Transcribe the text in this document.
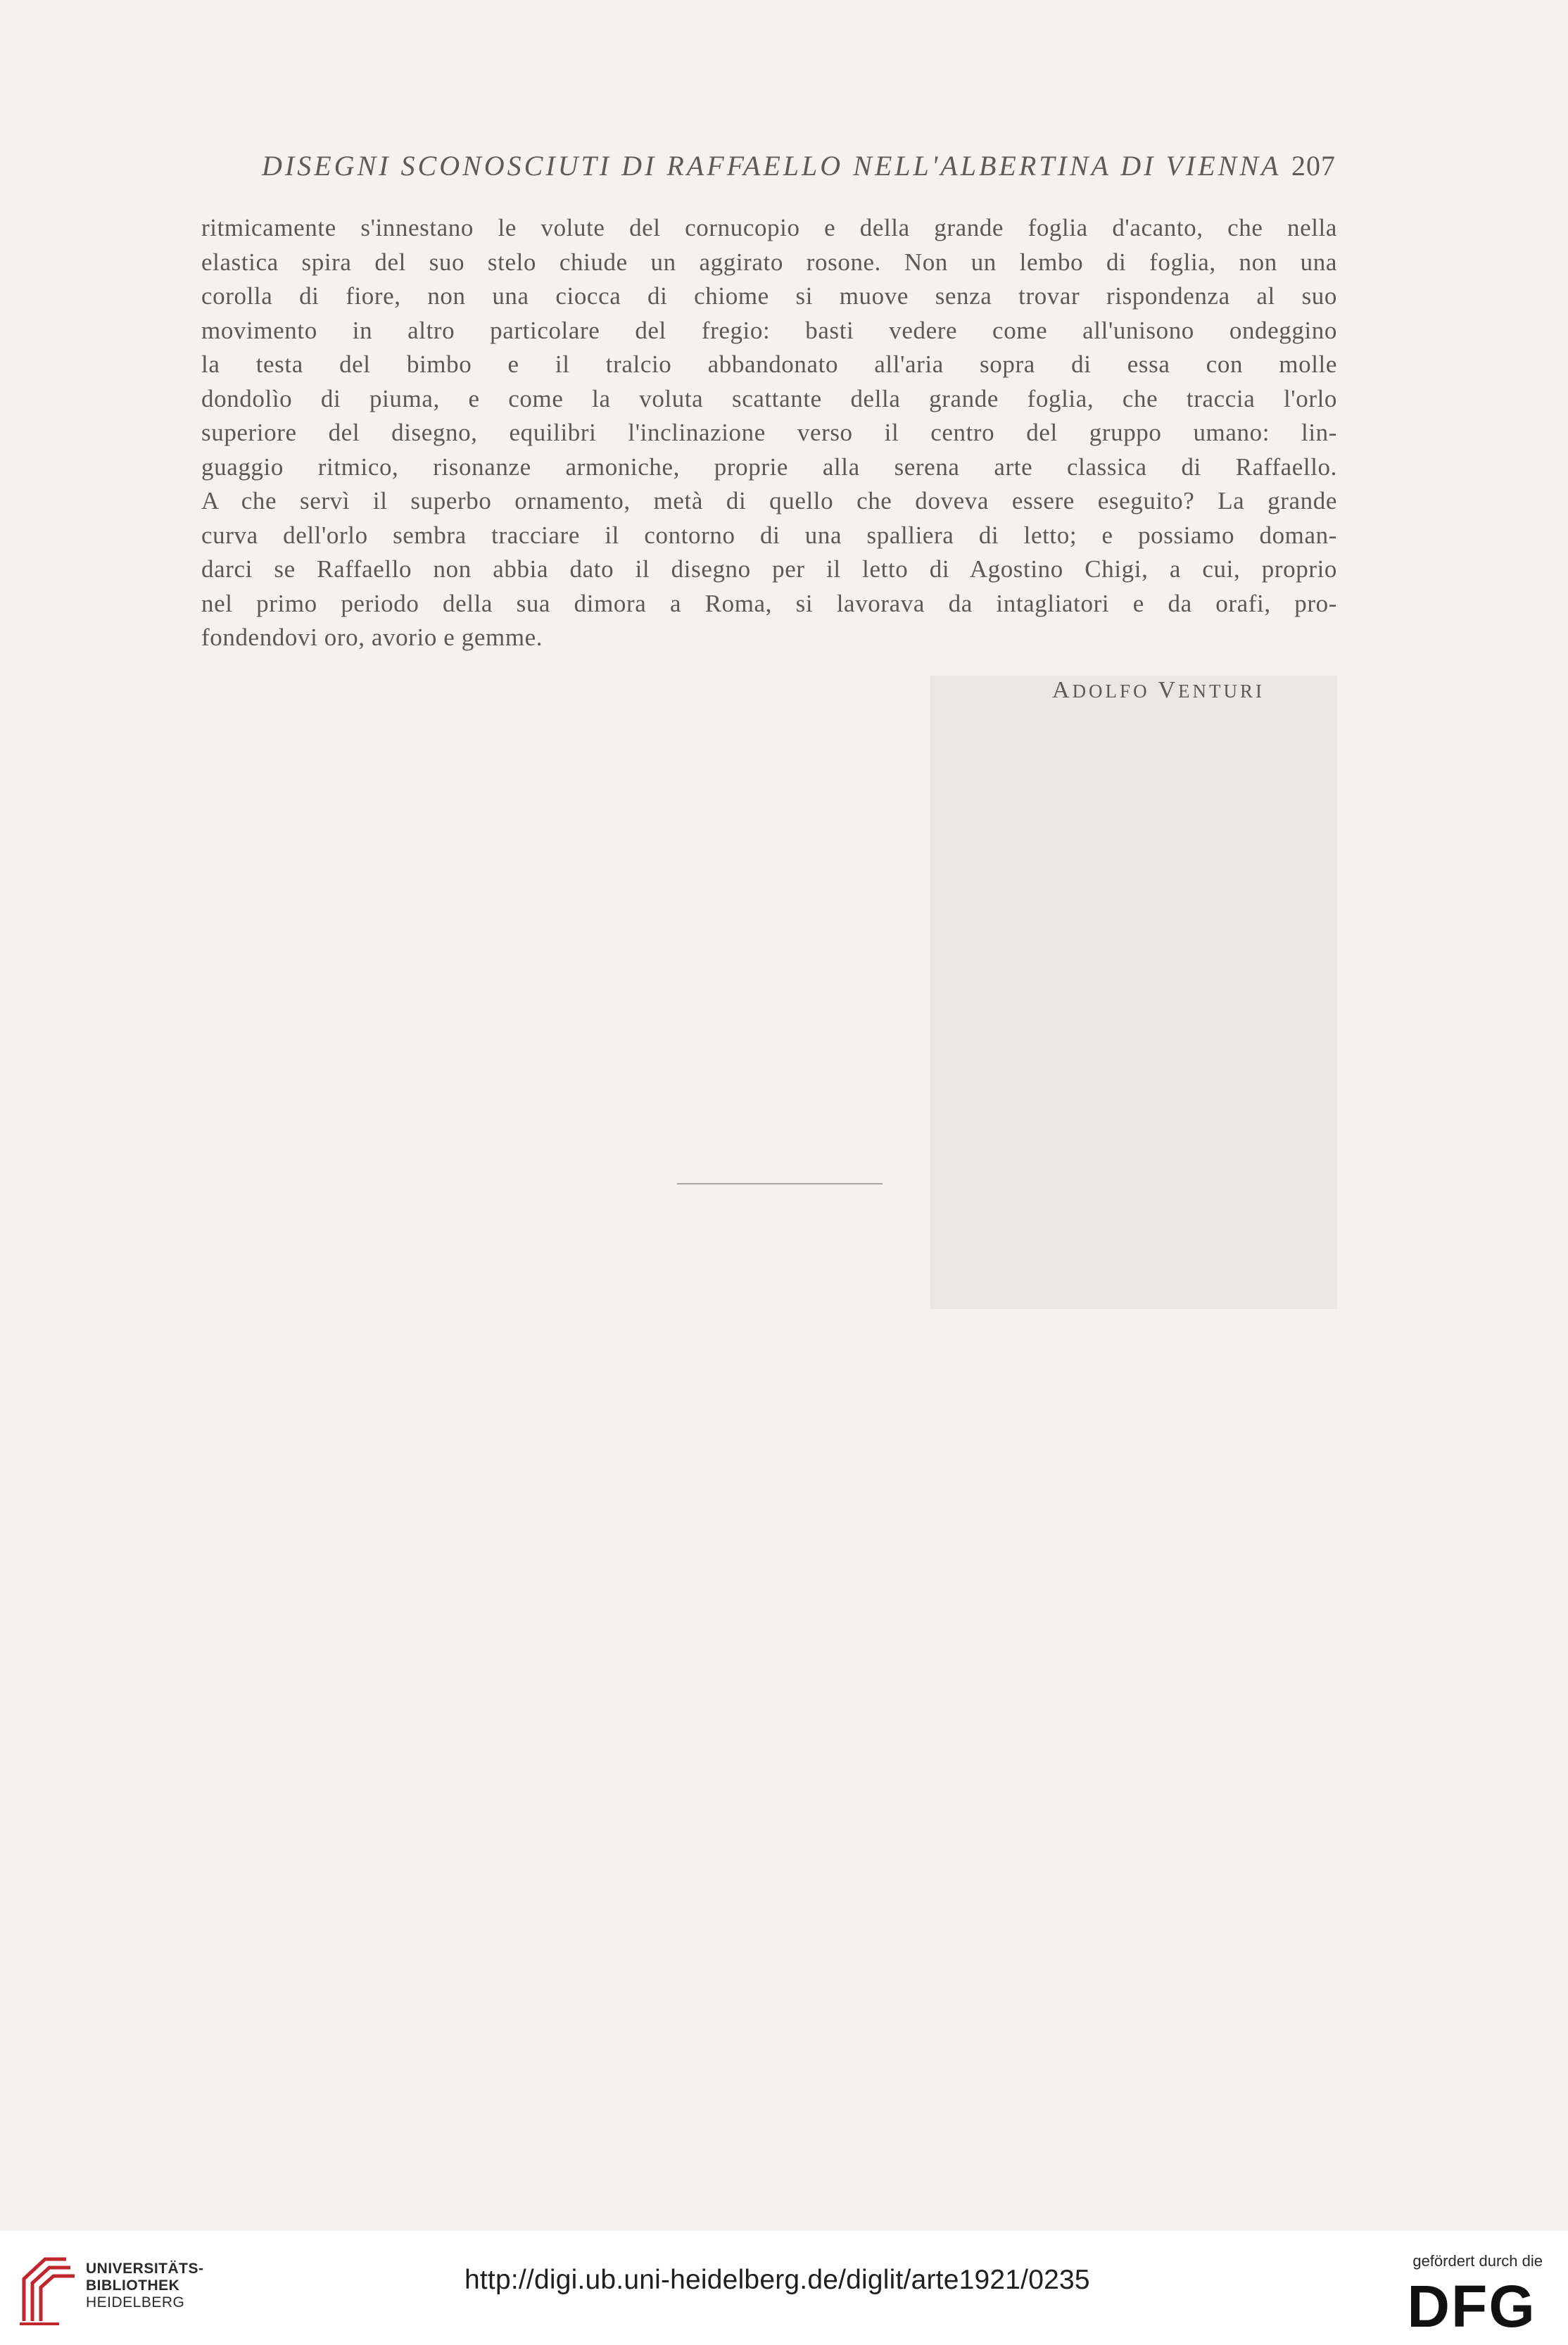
DISEGNI SCONOSCIUTI DI RAFFAELLO NELL'ALBERTINA DI VIENNA 207
ritmicamente s'innestano le volute del cornucopio e della grande foglia d'acanto, che nella
elastica spira del suo stelo chiude un aggirato rosone. Non un lembo di foglia, non una
corolla di fiore, non una ciocca di chiome si muove senza trovar rispondenza al suo
movimento in altro particolare del fregio: basti vedere come all'unisono ondeggino
la testa del bimbo e il tralcio abbandonato all'aria sopra di essa con molle
dondolìo di piuma, e come la voluta scattante della grande foglia, che traccia l'orlo
superiore del disegno, equilibri l'inclinazione verso il centro del gruppo umano: lin-
guaggio ritmico, risonanze armoniche, proprie alla serena arte classica di Raffaello.
A che servì il superbo ornamento, metà di quello che doveva essere eseguito? La grande
curva dell'orlo sembra tracciare il contorno di una spalliera di letto; e possiamo doman-
darci se Raffaello non abbia dato il disegno per il letto di Agostino Chigi, a cui, proprio
nel primo periodo della sua dimora a Roma, si lavorava da intagliatori e da orafi, pro-
fondendovi oro, avorio e gemme.
ADOLFO VENTURI
UNIVERSITÄTS-
BIBLIOTHEK
HEIDELBERG
http://digi.ub.uni-heidelberg.de/diglit/arte1921/0235
gefördert durch die
DFG
